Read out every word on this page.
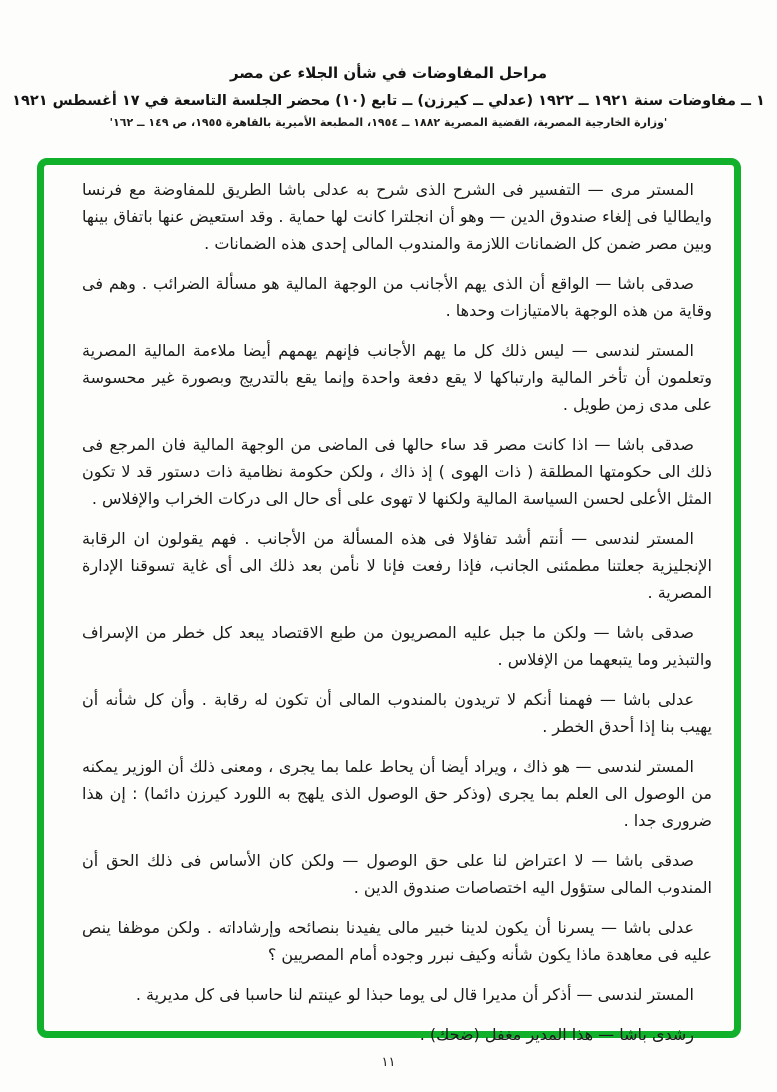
مراحل المفاوضات في شأن الجلاء عن مصر
١ ــ مفاوضات سنة ١٩٢١ ــ ١٩٢٢ (عدلي ــ كيرزن) ــ تابع (١٠) محضر الجلسة التاسعة في ١٧ أغسطس ١٩٢١
'وزارة الخارجية المصرية، القضية المصرية ١٨٨٢ ــ ١٩٥٤، المطبعة الأميرية بالقاهرة ١٩٥٥، ص ١٤٩ ــ ١٦٢'

المستر مرى — التفسير فى الشرح الذى شرح به عدلى باشا الطريق للمفاوضة مع فرنسا وايطاليا فى إلغاء صندوق الدين — وهو أن انجلترا كانت لها حماية . وقد استعيض عنها باتفاق بينها وبين مصر ضمن كل الضمانات اللازمة والمندوب المالى إحدى هذه الضمانات .

صدقى باشا — الواقع أن الذى يهم الأجانب من الوجهة المالية هو مسألة الضرائب . وهم فى وقاية من هذه الوجهة بالامتيازات وحدها .

المستر لندسى — ليس ذلك كل ما يهم الأجانب فإنهم يهمهم أيضا ملاءمة المالية المصرية وتعلمون أن تأخر المالية وارتباكها لا يقع دفعة واحدة وإنما يقع بالتدريج وبصورة غير محسوسة على مدى زمن طويل .

صدقى باشا — اذا كانت مصر قد ساء حالها فى الماضى من الوجهة المالية فان المرجع فى ذلك الى حكومتها المطلقة ( ذات الهوى ) إذ ذاك ، ولكن حكومة نظامية ذات دستور قد لا تكون المثل الأعلى لحسن السياسة المالية ولكنها لا تهوى على أى حال الى دركات الخراب والإفلاس .

المستر لندسى — أنتم أشد تفاؤلا فى هذه المسألة من الأجانب . فهم يقولون ان الرقابة الإنجليزية جعلتنا مطمئنى الجانب، فإذا رفعت فإنا لا نأمن بعد ذلك الى أى غاية تسوقنا الإدارة المصرية .

صدقى باشا — ولكن ما جبل عليه المصريون من طبع الاقتصاد يبعد كل خطر من الإسراف والتبذير وما يتبعهما من الإفلاس .

عدلى باشا — فهمنا أنكم لا تريدون بالمندوب المالى أن تكون له رقابة . وأن كل شأنه أن يهيب بنا إذا أحدق الخطر .

المستر لندسى — هو ذاك ، ويراد أيضا أن يحاط علما بما يجرى ، ومعنى ذلك أن الوزير يمكنه من الوصول الى العلم بما يجرى (وذكر حق الوصول الذى يلهج به اللورد كيرزن دائما) : إن هذا ضرورى جدا .

صدقى باشا — لا اعتراض لنا على حق الوصول — ولكن كان الأساس فى ذلك الحق أن المندوب المالى ستؤول اليه اختصاصات صندوق الدين .

عدلى باشا — يسرنا أن يكون لدينا خبير مالى يفيدنا بنصائحه وإرشاداته . ولكن موظفا ينص عليه فى معاهدة ماذا يكون شأنه وكيف نبرر وجوده أمام المصريين ؟

المستر لندسى — أذكر أن مديرا قال لى يوما حبذا لو عينتم لنا حاسبا فى كل مديرية .

رشدى باشا — هذا المدير مغفل (ضحك) .

١١
